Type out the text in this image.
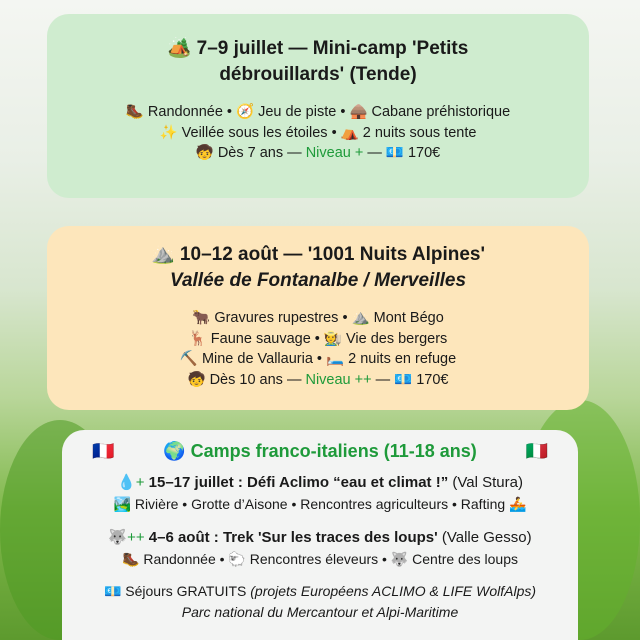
🏕️ 7–9 juillet — Mini-camp 'Petits débrouillards' (Tende)
🥾 Randonnée • 🧭 Jeu de piste • 🛖 Cabane préhistorique
✨ Veillée sous les étoiles • ⛺ 2 nuits sous tente
🧒 Dès 7 ans — Niveau + — 💶 170€
⛰️ 10–12 août — '1001 Nuits Alpines'
Vallée de Fontanalbe / Merveilles
🐂 Gravures rupestres • ⛰️ Mont Bégo
🦌 Faune sauvage • 🧑‍🌾 Vie des bergers
⛏️ Mine de Vallauria • 🛏️ 2 nuits en refuge
🧒 Dès 10 ans — Niveau ++ — 💶 170€
🇫🇷	🌍 Camps franco-italiens (11-18 ans)	🇮🇹
💧+ 15–17 juillet : Défi Aclimo “eau et climat !” (Val Stura)
🏞️ Rivière • Grotte d’Aisone • Rencontres agriculteurs • Rafting 🚣
🐺++ 4–6 août : Trek 'Sur les traces des loups' (Valle Gesso)
🥾 Randonnée • 🐑 Rencontres éleveurs • 🐺 Centre des loups
💶 Séjours GRATUITS (projets Européens ACLIMO & LIFE WolfAlps)
Parc national du Mercantour et Alpi-Maritime
